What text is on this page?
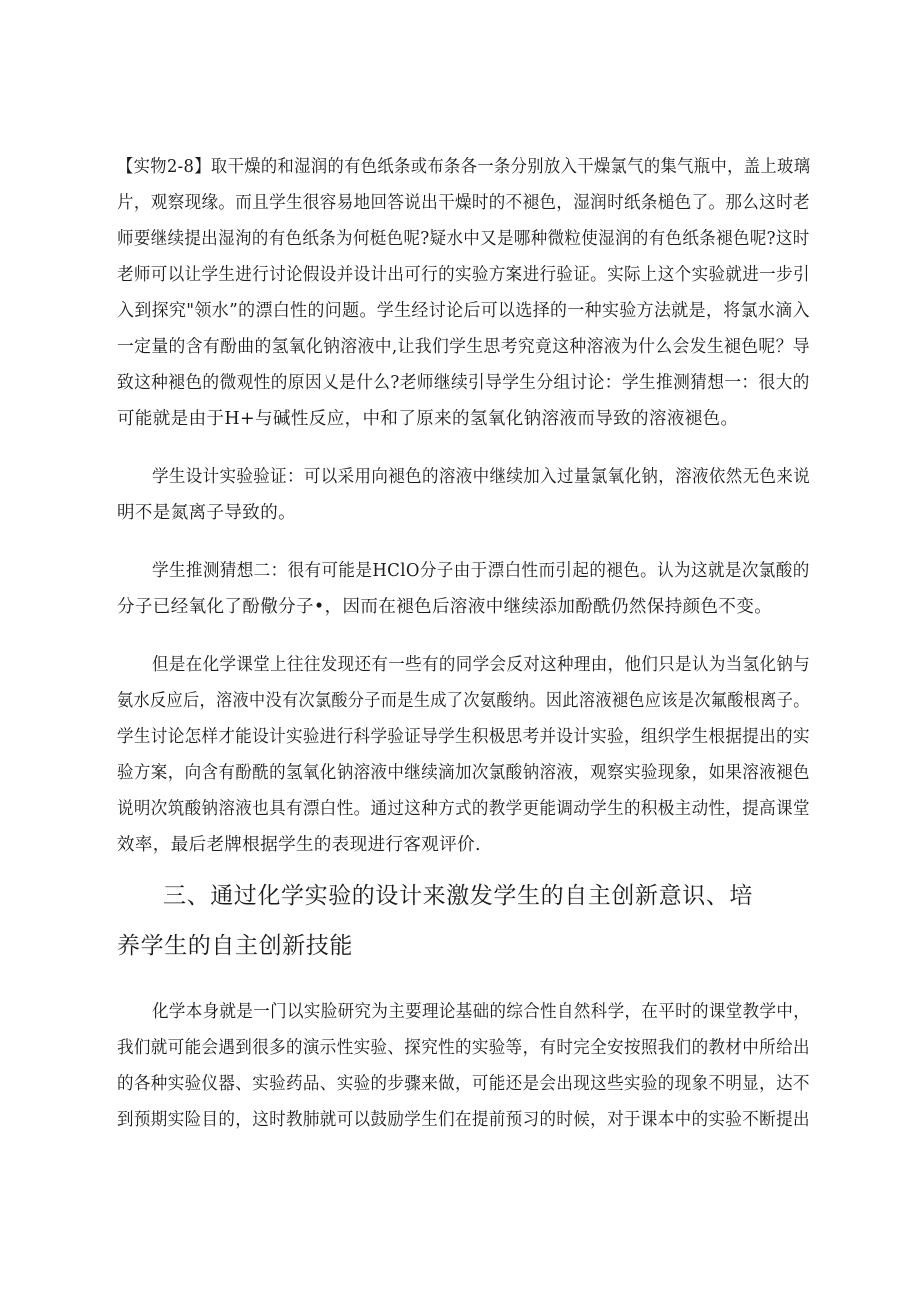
【实物2-8】取干燥的和湿润的有色纸条或布条各一条分别放入干燥氯气的集气瓶中，盖上玻璃
片，观察现缘。而且学生很容易地回答说出干燥时的不褪色，湿润时纸条槌色了。那么这时老
师要继续提出湿洵的有色纸条为何梃色呢?疑水中又是哪种微粒使湿润的有色纸条褪色呢?这时
老师可以让学生进行讨论假设并设计出可行的实验方案进行验证。实际上这个实验就进一步引
入到探究"领水”的漂白性的问题。学生经讨论后可以选择的一种实验方法就是，将氯水滴入
一定量的含有酚曲的氢氧化钠溶液中,让我们学生思考究竟这种溶液为什么会发生褪色呢？导
致这种褪色的微观性的原因乂是什么?老师继续引导学生分组讨论：学生推测猜想一：很大的
可能就是由于H+与碱性反应，中和了原来的氢氧化钠溶液而导致的溶液褪色。
学生设计实验验证：可以采用向褪色的溶液中继续加入过量氯氧化钠，溶液依然无色来说
明不是氮离子导致的。
学生推测猜想二：很有可能是HClO分子由于漂白性而引起的褪色。认为这就是次氯酸的
分子已经氧化了酚儆分子•，因而在褪色后溶液中继续添加酚酰仍然保持颜色不变。
但是在化学课堂上往往发现还有一些有的同学会反对这种理由，他们只是认为当氢化钠与
氨水反应后，溶液中没有次氯酸分子而是生成了次氨酸纳。因此溶液褪色应该是次氟酸根离子。
学生讨论怎样才能设计实验进行科学验证导学生积极思考并设计实验，组织学生根据提出的实
验方案，向含有酚酰的氢氧化钠溶液中继续滴加次氯酸钠溶液，观察实验现象，如果溶液褪色
说明次筑酸钠溶液也具有漂白性。通过这种方式的教学更能调动学生的积极主动性，提高课堂
效率，最后老牌根据学生的表现进行客观评价.
三、通过化学实验的设计来激发学生的自主创新意识、培
养学生的自主创新技能
化学本身就是一门以实脸研究为主要理论基础的综合性自然科学，在平时的课堂教学中，
我们就可能会遇到很多的演示性实验、探究性的实验等，有时完全安按照我们的教材中所给出
的各种实验仪器、实验药品、实验的步骤来做，可能还是会出现这些实验的现象不明显，达不
到预期实险目的，这时教肺就可以鼓励学生们在提前预习的时候，对于课本中的实验不断提出
